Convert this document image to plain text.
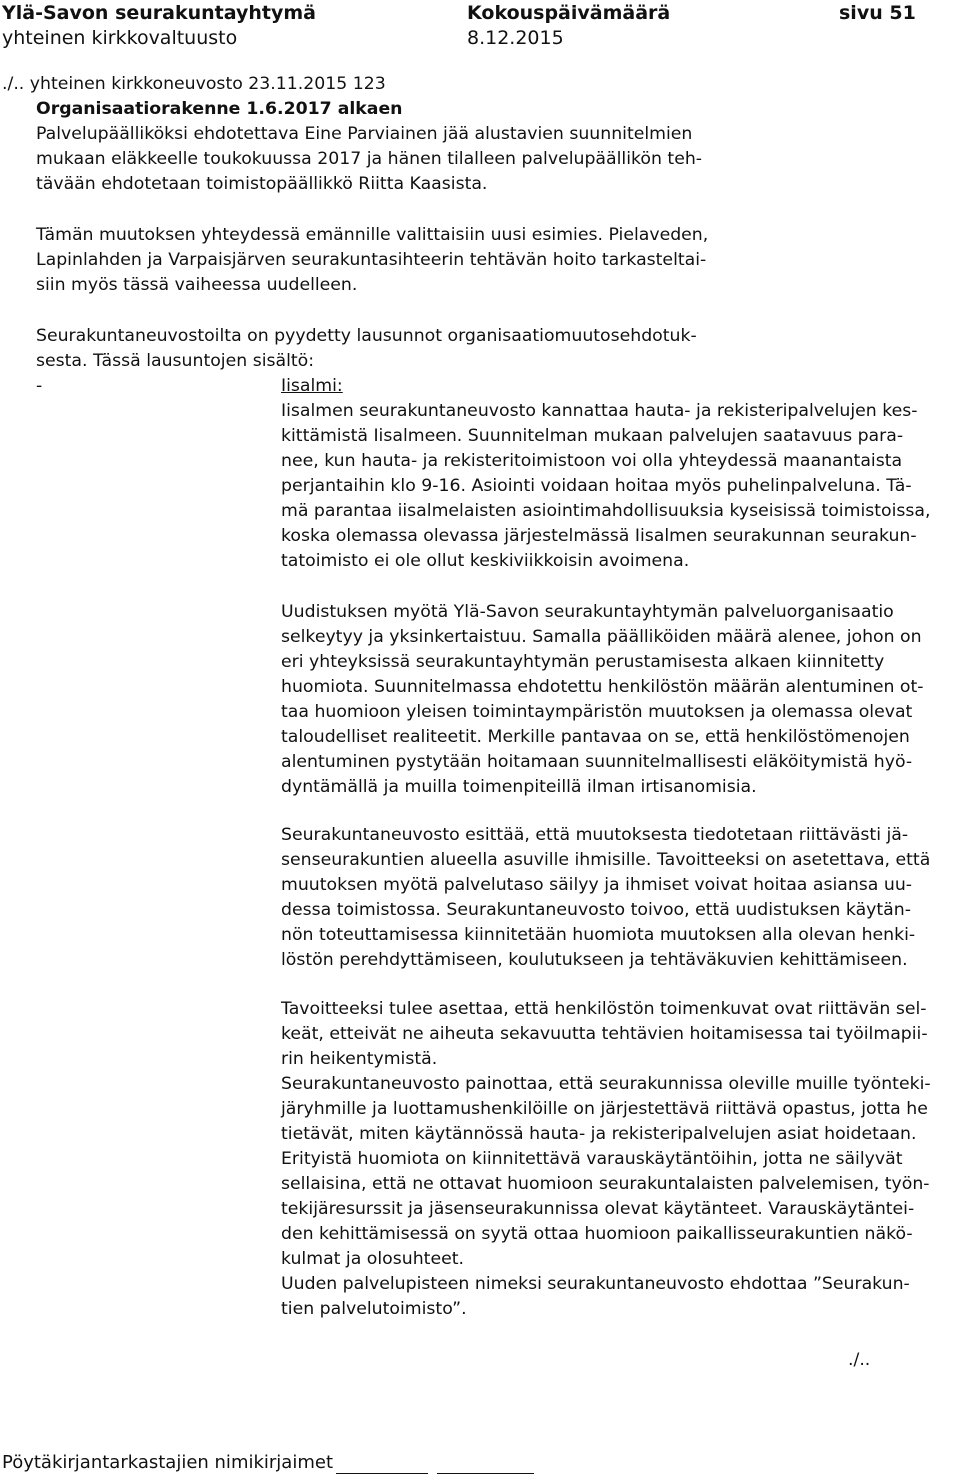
Ylä-Savon seurakuntayhtymä	Kokouspäivämäärä	sivu 51
yhteinen kirkkovaltuusto	8.12.2015
./.. yhteinen kirkkoneuvosto 23.11.2015 123
Organisaatiorakenne 1.6.2017 alkaen
Palvelupäälliköksi ehdotettava Eine Parviainen jää alustavien suunnitelmien
mukaan eläkkeelle toukokuussa 2017 ja hänen tilalleen palvelupäällikön teh-
tävään ehdotetaan toimistopäällikkö Riitta Kaasista.
Tämän muutoksen yhteydessä emännille valittaisiin uusi esimies. Pielaveden,
Lapinlahden ja Varpaisjärven seurakuntasihteerin tehtävän hoito tarkasteltai-
siin myös tässä vaiheessa uudelleen.
Seurakuntaneuvostoilta on pyydetty lausunnot organisaatiomuutosehdotuk-
sesta. Tässä lausuntojen sisältö:
-	Iisalmi:
Iisalmen seurakuntaneuvosto kannattaa hauta- ja rekisteripalvelujen kes-
kittämistä Iisalmeen. Suunnitelman mukaan palvelujen saatavuus para-
nee, kun hauta- ja rekisteritoimistoon voi olla yhteydessä maanantaista
perjantaihin klo 9-16. Asiointi voidaan hoitaa myös puhelinpalveluna. Tä-
mä parantaa iisalmelaisten asiointimahdollisuuksia kyseisissä toimistoissa,
koska olemassa olevassa järjestelmässä Iisalmen seurakunnan seurakun-
tatoimisto ei ole ollut keskiviikkoisin avoimena.
Uudistuksen myötä Ylä-Savon seurakuntayhtymän palveluorganisaatio
selkeytyy ja yksinkertaistuu. Samalla päälliköiden määrä alenee, johon on
eri yhteyksissä seurakuntayhtymän perustamisesta alkaen kiinnitetty
huomiota. Suunnitelmassa ehdotettu henkilöstön määrän alentuminen ot-
taa huomioon yleisen toimintaympäristön muutoksen ja olemassa olevat
taloudelliset realiteetit. Merkille pantavaa on se, että henkilöstömenojen
alentuminen pystytään hoitamaan suunnitelmallisesti eläköitymistä hyö-
dyntämällä ja muilla toimenpiteillä ilman irtisanomisia.
Seurakuntaneuvosto esittää, että muutoksesta tiedotetaan riittävästi jä-
senseurakuntien alueella asuville ihmisille. Tavoitteeksi on asetettava, että
muutoksen myötä palvelutaso säilyy ja ihmiset voivat hoitaa asiansa uu-
dessa toimistossa. Seurakuntaneuvosto toivoo, että uudistuksen käytän-
nön toteuttamisessa kiinnitetään huomiota muutoksen alla olevan henki-
löstön perehdyttämiseen, koulutukseen ja tehtäväkuvien kehittämiseen.
Tavoitteeksi tulee asettaa, että henkilöstön toimenkuvat ovat riittävän sel-
keät, etteivät ne aiheuta sekavuutta tehtävien hoitamisessa tai työilmapii-
rin heikentymistä.
Seurakuntaneuvosto painottaa, että seurakunnissa oleville muille työnteki-
järyhmille ja luottamushenkilöille on järjestettävä riittävä opastus, jotta he
tietävät, miten käytännössä hauta- ja rekisteripalvelujen asiat hoidetaan.
Erityistä huomiota on kiinnitettävä varauskäytäntöihin, jotta ne säilyvät
sellaisina, että ne ottavat huomioon seurakuntalaisten palvelemisen, työn-
tekijäresurssit ja jäsenseurakunnissa olevat käytänteet. Varauskäytäntei-
den kehittämisessä on syytä ottaa huomioon paikallisseurakuntien näkö-
kulmat ja olosuhteet.
Uuden palvelupisteen nimeksi seurakuntaneuvosto ehdottaa ”Seurakun-
tien palvelutoimisto”.
./..
Pöytäkirjantarkastajien nimikirjaimet
